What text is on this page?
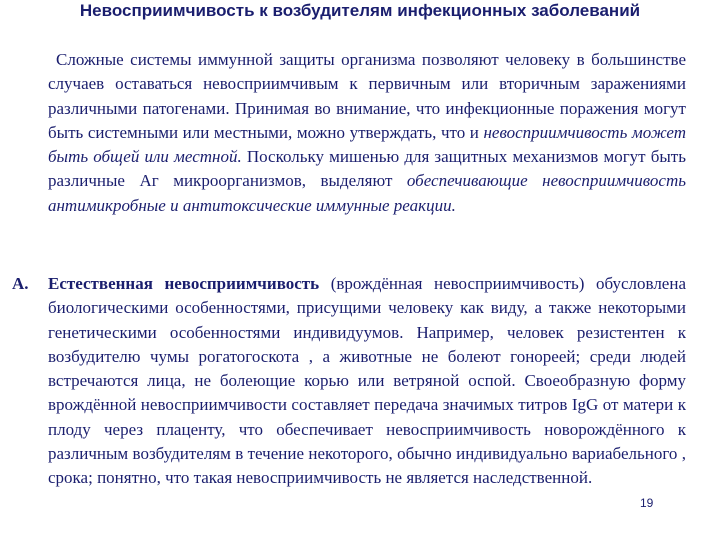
Невосприимчивость к возбудителям инфекционных заболеваний
Сложные системы иммунной защиты организма позволяют человеку в большинстве случаев оставаться невосприимчивым к первичным или вторичным заражениями различными патогенами. Принимая во внимание, что инфекционные поражения могут быть системными или местными, можно утверждать, что и невосприимчивость может быть общей или местной. Поскольку мишенью для защитных механизмов могут быть различные Аг микроорганизмов, выделяют обеспечивающие невосприимчивость антимикробные и антитоксические иммунные реакции.
А. Естественная невосприимчивость (врождённая невосприимчивость) обусловлена биологическими особенностями, присущими человеку как виду, а также некоторыми генетическими особенностями индивидуумов. Например, человек резистентен к возбудителю чумы рогатогоскота , а животные не болеют гонореей; среди людей встречаются лица, не болеющие корью или ветряной оспой. Своеобразную форму врождённой невосприимчивости составляет передача значимых титров IgG от матери к плоду через плаценту, что обеспечивает невосприимчивость новорождённого к различным возбудителям в течение некоторого, обычно индивидуально вариабельного , срока; понятно, что такая невосприимчивость не является наследственной.
19
